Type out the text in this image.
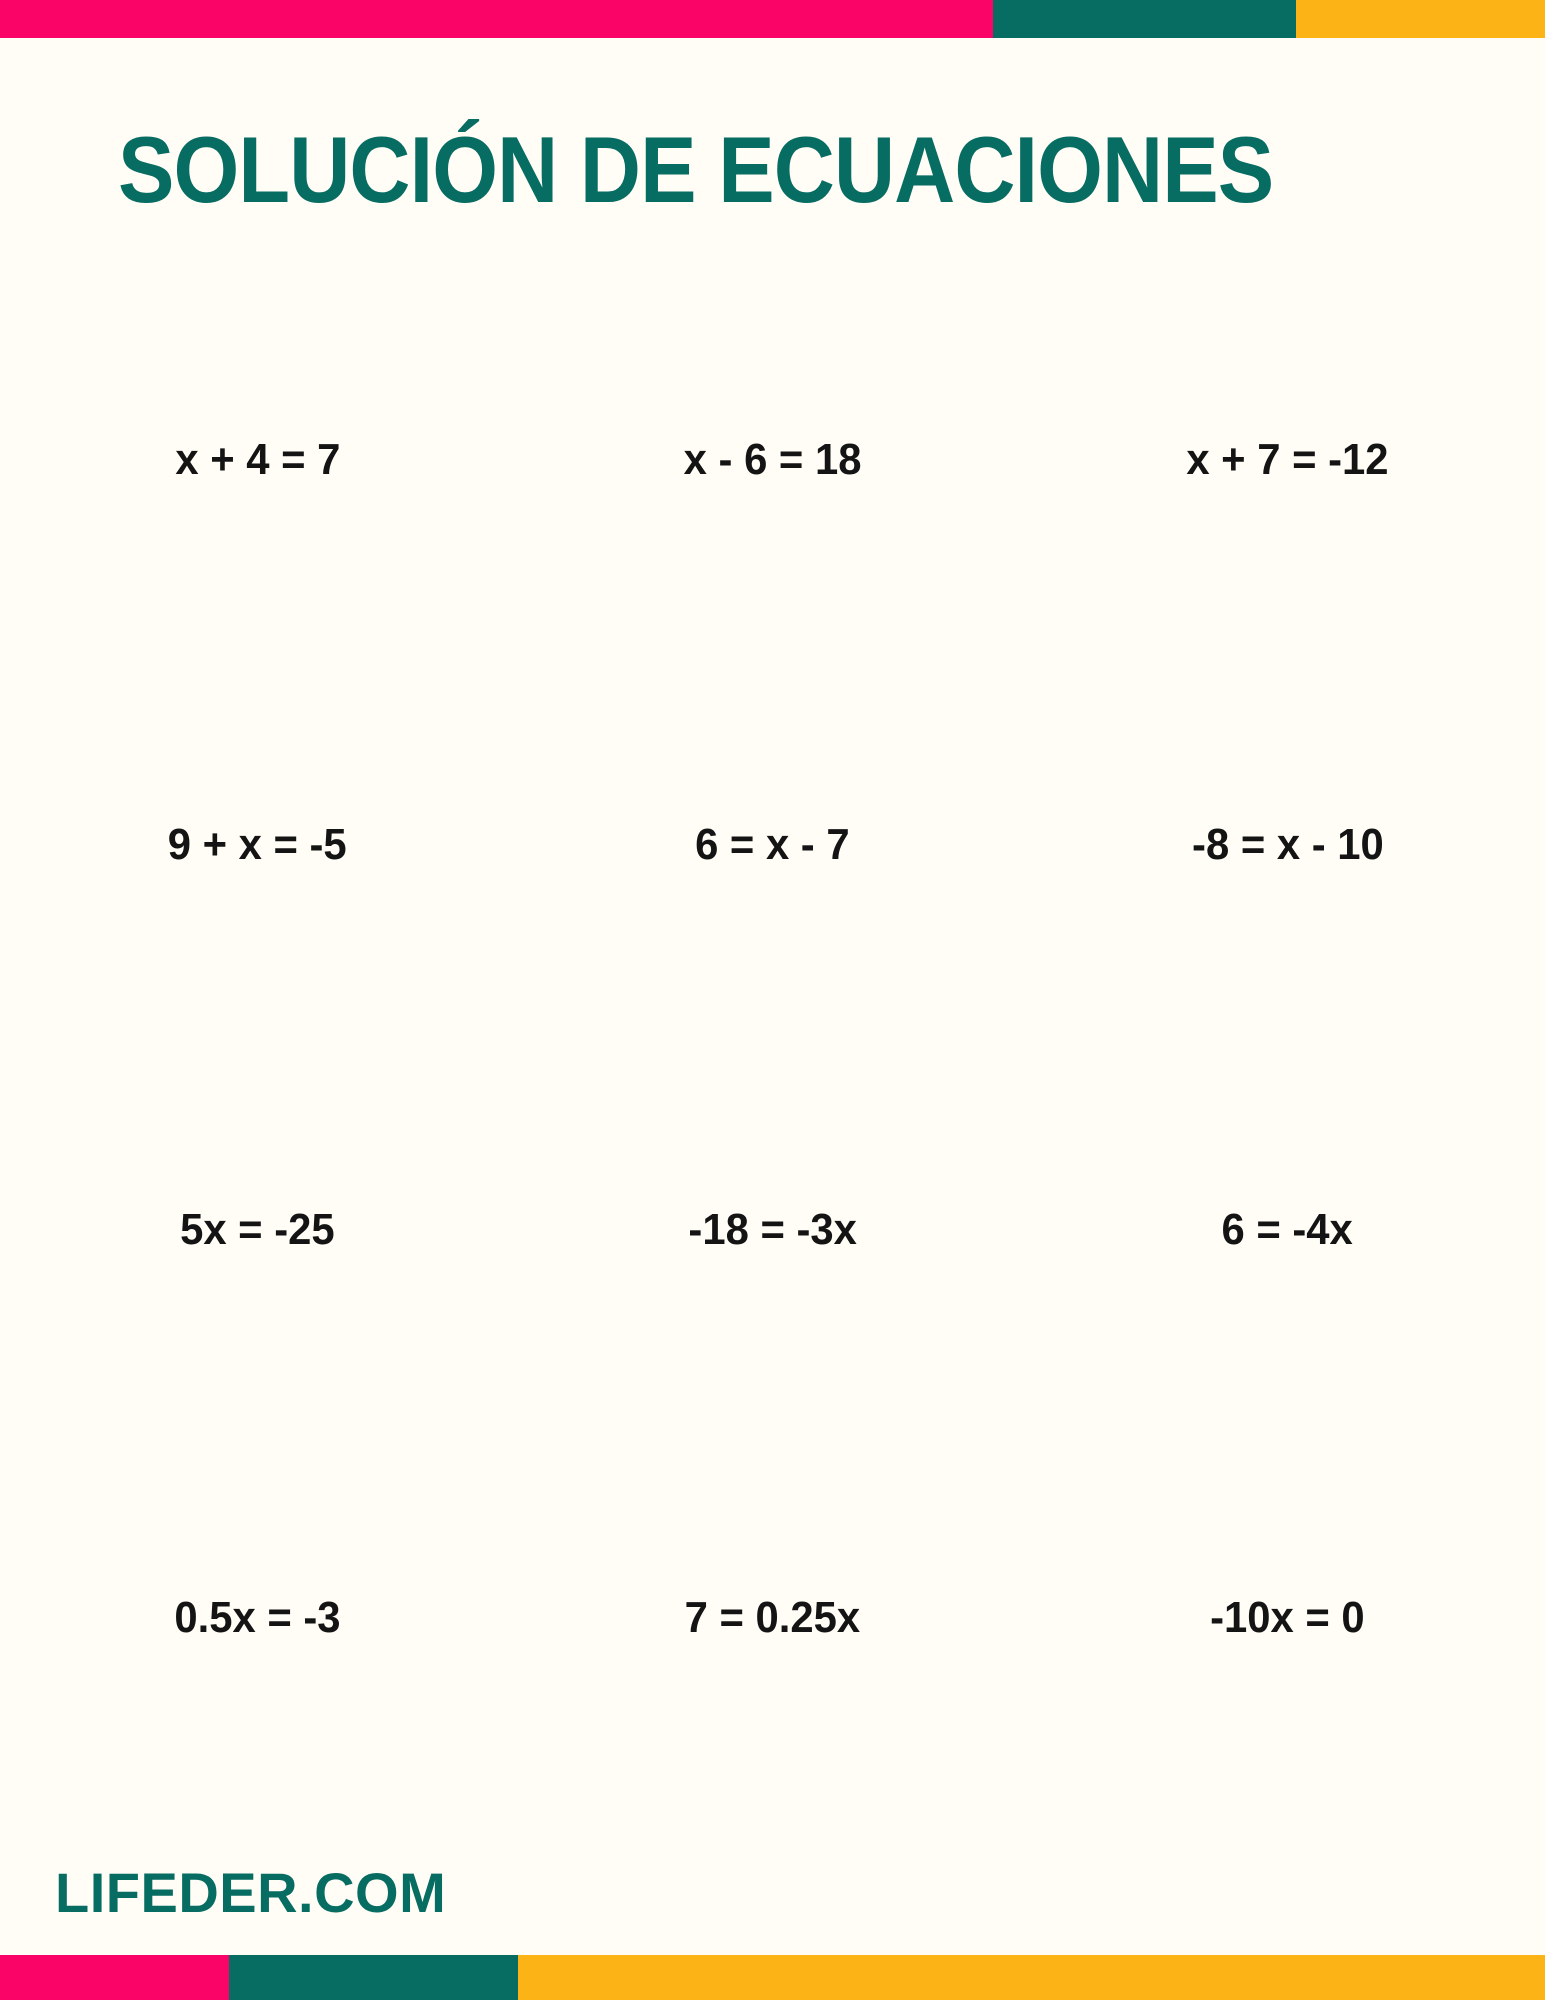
SOLUCIÓN DE ECUACIONES
x + 4 = 7	x - 6 = 18	x + 7 = -12
9 + x = -5	6 = x - 7	-8 = x - 10
5x = -25	-18 = -3x	6 = -4x
0.5x = -3	7 = 0.25x	-10x = 0
LIFEDER.COM
